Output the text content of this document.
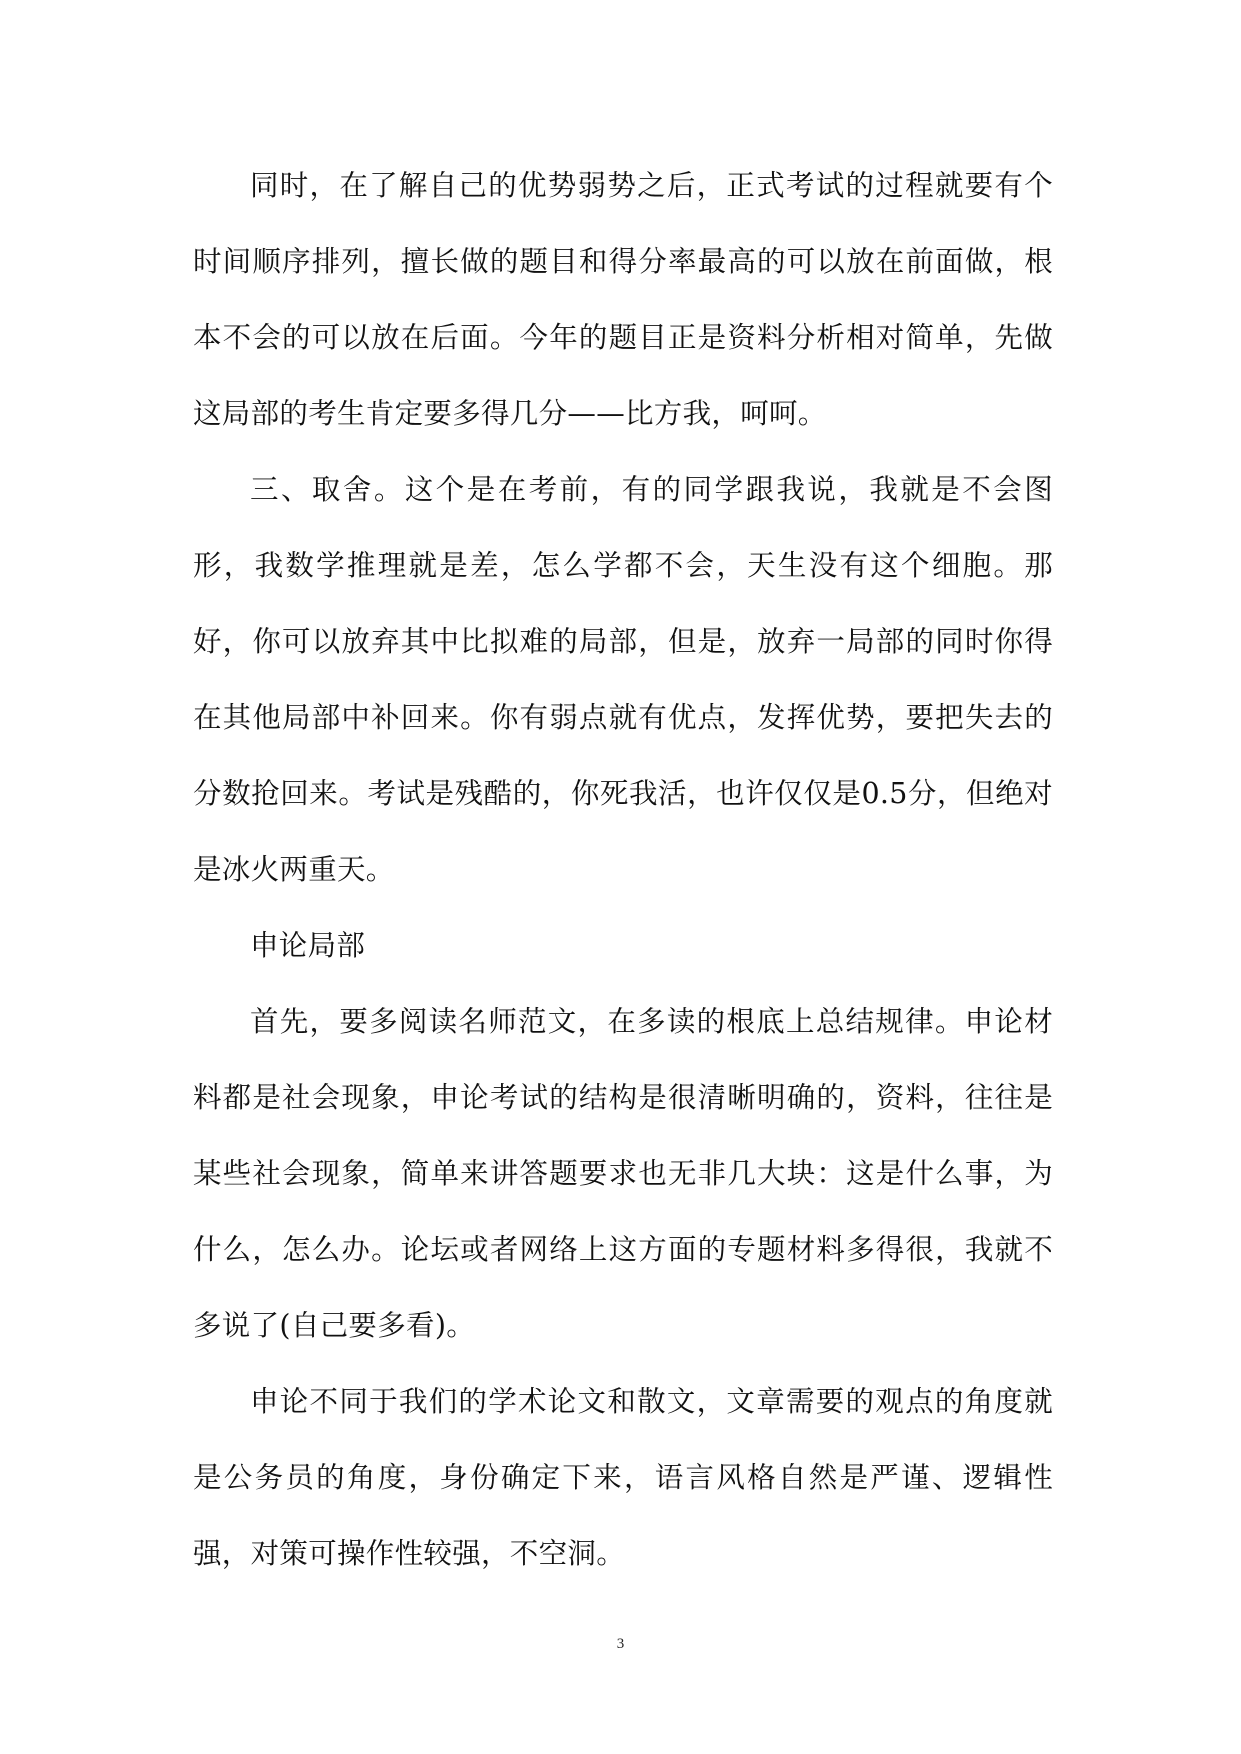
同时，在了解自己的优势弱势之后，正式考试的过程就要有个时间顺序排列，擅长做的题目和得分率最高的可以放在前面做，根本不会的可以放在后面。今年的题目正是资料分析相对简单，先做这局部的考生肯定要多得几分——比方我，呵呵。

三、取舍。这个是在考前，有的同学跟我说，我就是不会图形，我数学推理就是差，怎么学都不会，天生没有这个细胞。那好，你可以放弃其中比拟难的局部，但是，放弃一局部的同时你得在其他局部中补回来。你有弱点就有优点，发挥优势，要把失去的分数抢回来。考试是残酷的，你死我活，也许仅仅是0.5分，但绝对是冰火两重天。

申论局部

首先，要多阅读名师范文，在多读的根底上总结规律。申论材料都是社会现象，申论考试的结构是很清晰明确的，资料，往往是某些社会现象，简单来讲答题要求也无非几大块：这是什么事，为什么，怎么办。论坛或者网络上这方面的专题材料多得很，我就不多说了(自己要多看)。

申论不同于我们的学术论文和散文，文章需要的观点的角度就是公务员的角度，身份确定下来，语言风格自然是严谨、逻辑性强，对策可操作性较强，不空洞。

3
